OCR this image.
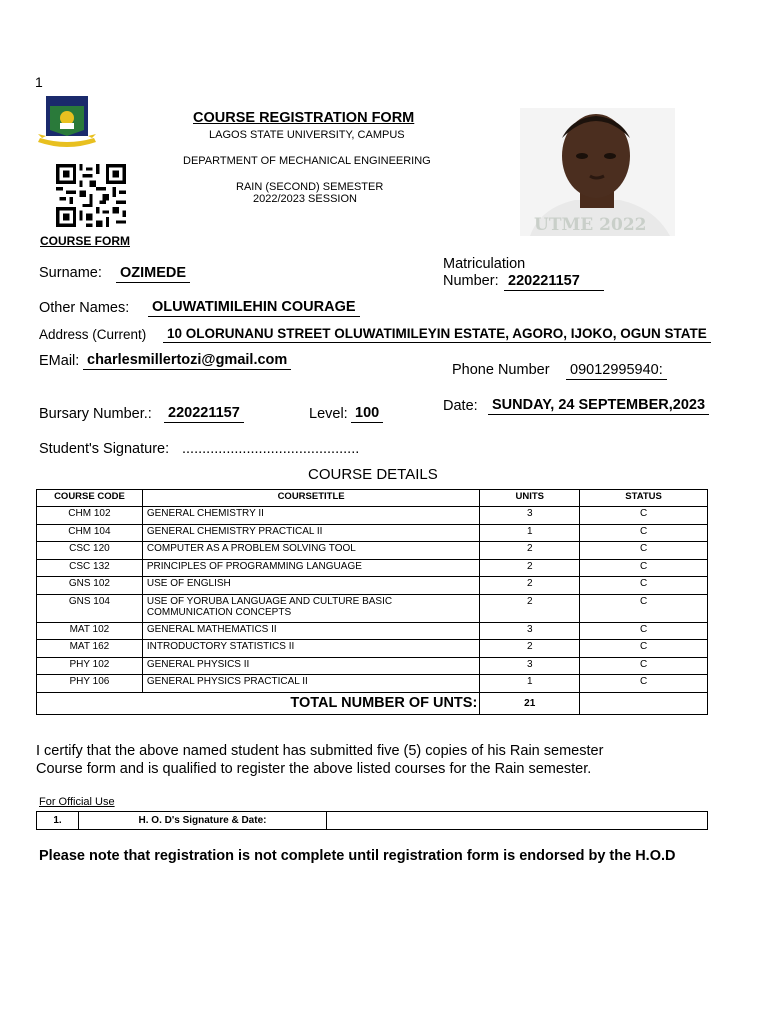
1
COURSE REGISTRATION FORM
LAGOS STATE UNIVERSITY, CAMPUS
DEPARTMENT OF MECHANICAL ENGINEERING
RAIN (SECOND) SEMESTER
2022/2023 SESSION
UTME 2022
COURSE FORM
Surname: OZIMEDE
Matriculation
Number: 220221157
Other Names: OLUWATIMILEHIN COURAGE
Address (Current) 10 OLORUNANU STREET OLUWATIMILEYIN ESTATE, AGORO, IJOKO, OGUN STATE
EMail: charlesmillertozi@gmail.com
Phone Number 09012995940:
Date: SUNDAY, 24 SEPTEMBER,2023
Bursary Number.: 220221157	Level: 100
Student's Signature: ............................................
COURSE DETAILS
COURSE CODE	COURSETITLE	UNITS	STATUS
CHM 102	GENERAL CHEMISTRY II	3	C
CHM 104	GENERAL CHEMISTRY PRACTICAL II	1	C
CSC 120	COMPUTER AS A PROBLEM SOLVING TOOL	2	C
CSC 132	PRINCIPLES OF PROGRAMMING LANGUAGE	2	C
GNS 102	USE OF ENGLISH	2	C
GNS 104	USE OF YORUBA LANGUAGE AND CULTURE BASIC COMMUNICATION CONCEPTS	2	C
MAT 102	GENERAL MATHEMATICS II	3	C
MAT 162	INTRODUCTORY STATISTICS II	2	C
PHY 102	GENERAL PHYSICS II	3	C
PHY 106	GENERAL PHYSICS PRACTICAL II	1	C
TOTAL NUMBER OF UNTS:		21	
I certify that the above named student has submitted five (5) copies of his Rain semester
Course form and is qualified to register the above listed courses for the Rain semester.
For Official Use
1.	H. O. D's Signature & Date:	
Please note that registration is not complete until registration form is endorsed by the H.O.D
